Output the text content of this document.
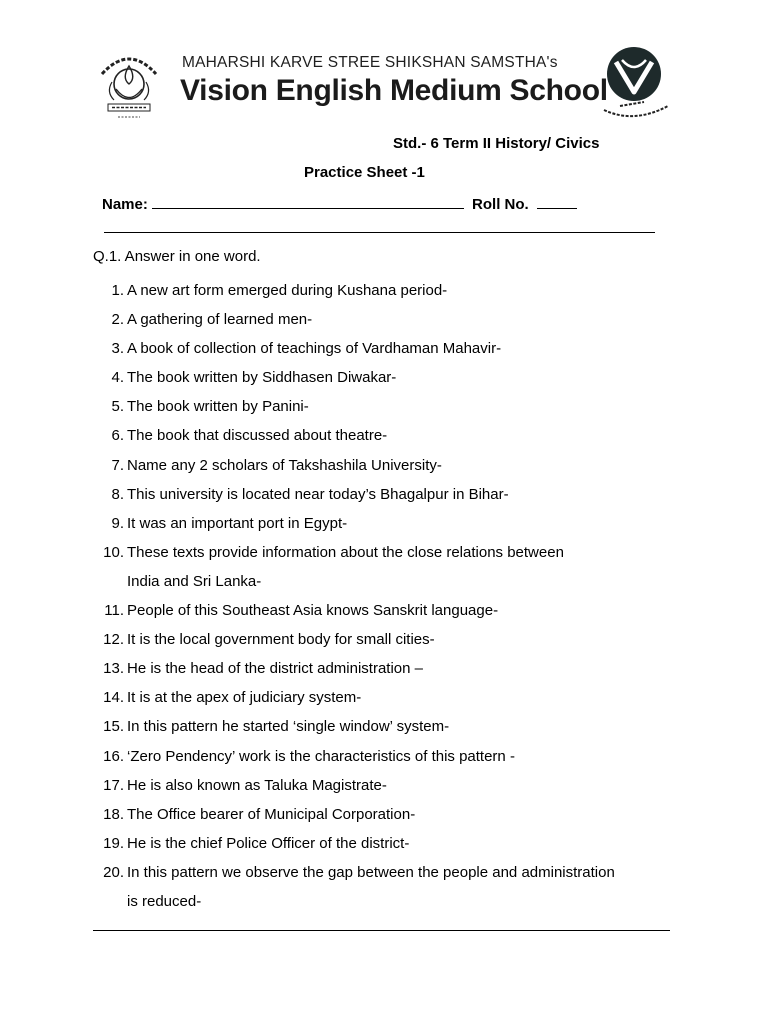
MAHARSHI KARVE STREE SHIKSHAN SAMSTHA's
Vision English Medium School
Std.- 6 Term II History/ Civics
Practice Sheet -1
Name:	Roll No.
Q.1. Answer in one word.
1. A new art form emerged during Kushana period-
2. A gathering of learned men-
3. A book of collection of teachings of Vardhaman Mahavir-
4. The book written by Siddhasen Diwakar-
5. The book written by Panini-
6. The book that discussed about theatre-
7. Name any 2 scholars of Takshashila University-
8. This university is located near today’s Bhagalpur in Bihar-
9. It was an important port in Egypt-
10. These texts provide information about the close relations between
India and Sri Lanka-
11. People of this Southeast Asia knows Sanskrit language-
12. It is the local government body for small cities-
13. He is the head of the district administration –
14. It is at the apex of judiciary system-
15. In this pattern he started ‘single window’ system-
16. ‘Zero Pendency’ work is the characteristics of this pattern -
17. He is also known as Taluka Magistrate-
18. The Office bearer of Municipal Corporation-
19. He is the chief Police Officer of the district-
20. In this pattern we observe the gap between the people and administration
is reduced-
